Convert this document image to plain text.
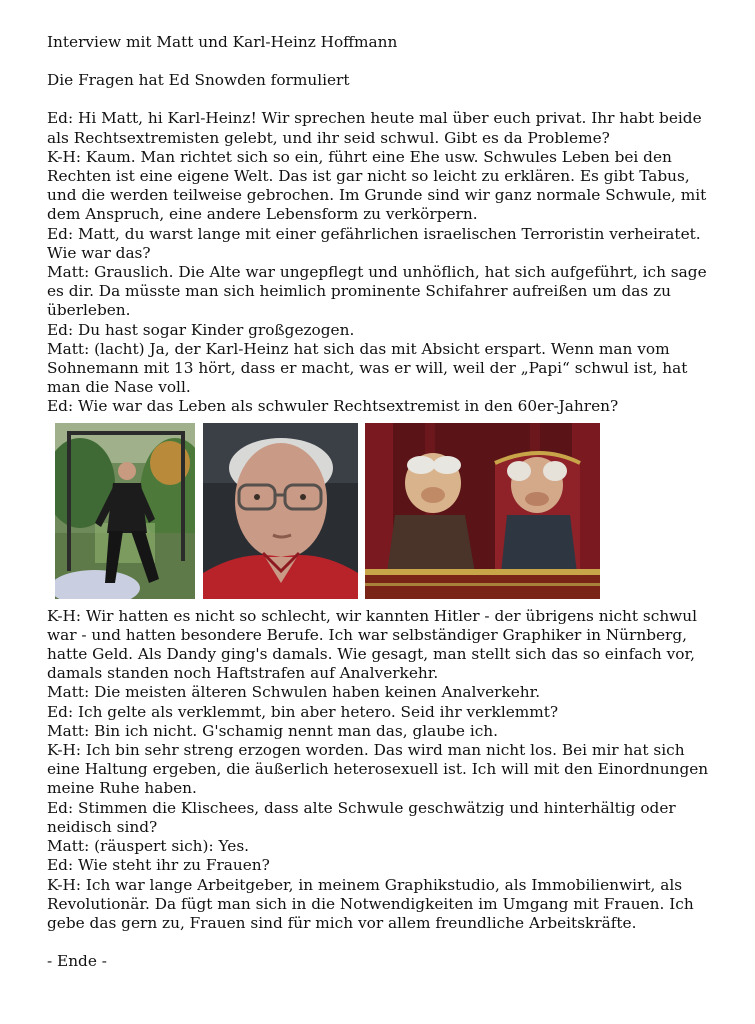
Interview mit Matt und Karl-Heinz Hoffmann

Die Fragen hat Ed Snowden formuliert

Ed: Hi Matt, hi Karl-Heinz! Wir sprechen heute mal über euch privat. Ihr habt beide als Rechtsextremisten gelebt, und ihr seid schwul. Gibt es da Probleme?

K-H: Kaum. Man richtet sich so ein, führt eine Ehe usw. Schwules Leben bei den Rechten ist eine eigene Welt. Das ist gar nicht so leicht zu erklären. Es gibt Tabus, und die werden teilweise gebrochen. Im Grunde sind wir ganz normale Schwule, mit dem Anspruch, eine andere Lebensform zu verkörpern.

Ed: Matt, du warst lange mit einer gefährlichen israelischen Terroristin verheiratet. Wie war das?

Matt: Grauslich. Die Alte war ungepflegt und unhöflich, hat sich aufgeführt, ich sage es dir. Da müsste man sich heimlich prominente Schifahrer aufreißen um das zu überleben.

Ed: Du hast sogar Kinder großgezogen.

Matt: (lacht) Ja, der Karl-Heinz hat sich das mit Absicht erspart. Wenn man vom Sohnemann mit 13 hört, dass er macht, was er will, weil der „Papi“ schwul ist, hat man die Nase voll.

Ed: Wie war das Leben als schwuler Rechtsextremist in den 60er-Jahren?

K-H: Wir hatten es nicht so schlecht, wir kannten Hitler - der übrigens nicht schwul war - und hatten besondere Berufe. Ich war selbständiger Graphiker in Nürnberg, hatte Geld. Als Dandy ging's damals. Wie gesagt, man stellt sich das so einfach vor, damals standen noch Haftstrafen auf Analverkehr.

Matt: Die meisten älteren Schwulen haben keinen Analverkehr.

Ed: Ich gelte als verklemmt, bin aber hetero. Seid ihr verklemmt?

Matt: Bin ich nicht. G'schamig nennt man das, glaube ich.

K-H: Ich bin sehr streng erzogen worden. Das wird man nicht los. Bei mir hat sich eine Haltung ergeben, die äußerlich heterosexuell ist. Ich will mit den Einordnungen meine Ruhe haben.

Ed: Stimmen die Klischees, dass alte Schwule geschwätzig und hinterhältig oder neidisch sind?

Matt: (räuspert sich): Yes.

Ed: Wie steht ihr zu Frauen?

K-H: Ich war lange Arbeitgeber, in meinem Graphikstudio, als Immobilienwirt, als Revolutionär. Da fügt man sich in die Notwendigkeiten im Umgang mit Frauen. Ich gebe das gern zu, Frauen sind für mich vor allem freundliche Arbeitskräfte.

- Ende -
